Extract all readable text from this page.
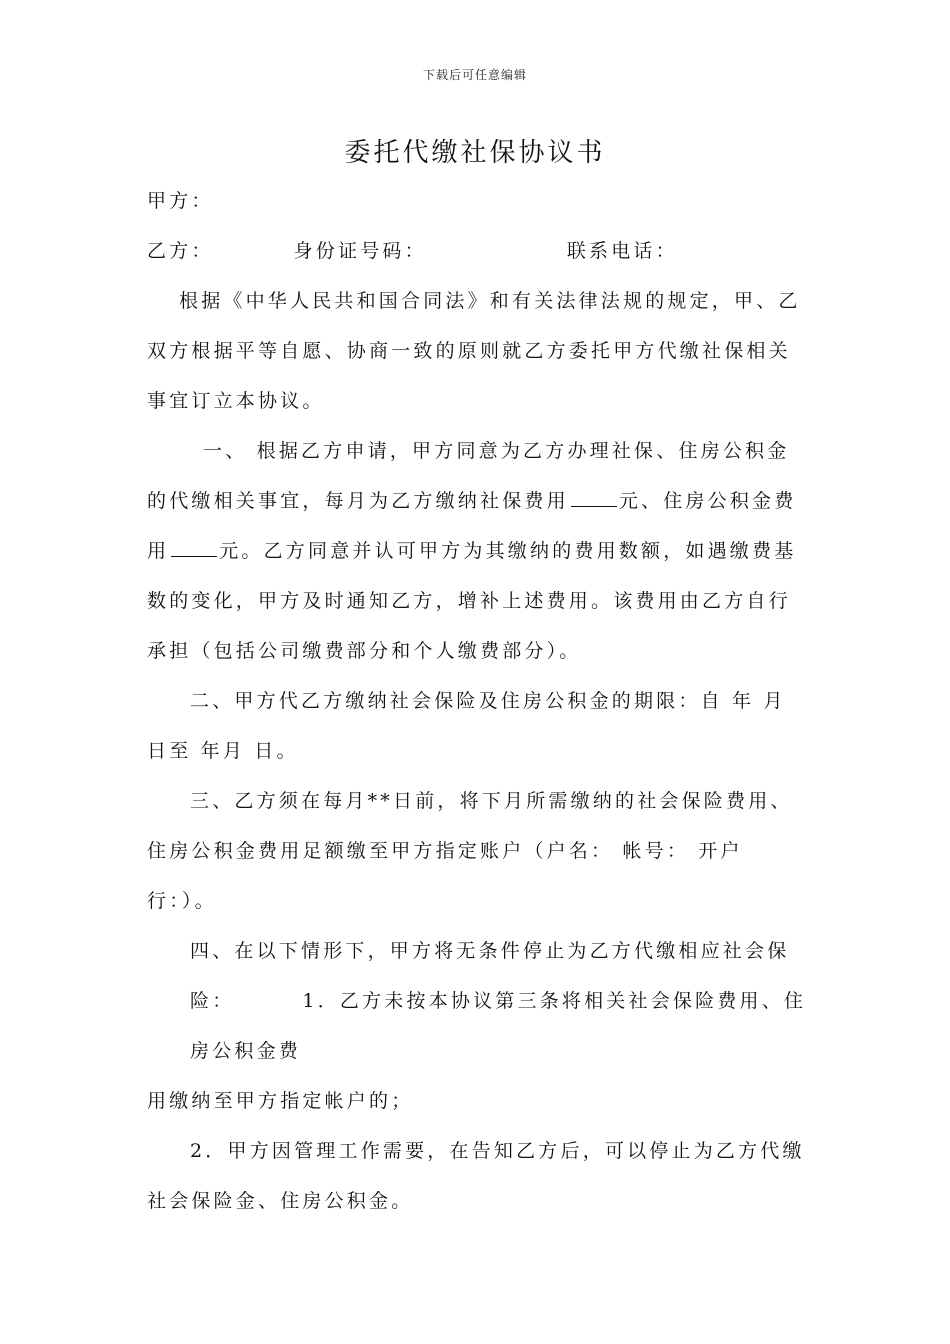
下载后可任意编辑
委托代缴社保协议书
甲方：
乙方：	身份证号码：	联系电话：
根据《中华人民共和国合同法》和有关法律法规的规定，甲、乙
双方根据平等自愿、协商一致的原则就乙方委托甲方代缴社保相关
事宜订立本协议。
一、 根据乙方申请，甲方同意为乙方办理社保、住房公积金
的代缴相关事宜，每月为乙方缴纳社保费用	元、住房公积金费
用	元。乙方同意并认可甲方为其缴纳的费用数额，如遇缴费基
数的变化，甲方及时通知乙方，增补上述费用。该费用由乙方自行
承担（包括公司缴费部分和个人缴费部分）。
二、甲方代乙方缴纳社会保险及住房公积金的期限：自 年 月
日至 年月 日。
三、乙方须在每月**日前，将下月所需缴纳的社会保险费用、
住房公积金费用足额缴至甲方指定账户（户名： 帐号： 开户
行：）。
四、在以下情形下，甲方将无条件停止为乙方代缴相应社会保
险：	1．乙方未按本协议第三条将相关社会保险费用、住
房公积金费
用缴纳至甲方指定帐户的；
2．甲方因管理工作需要，在告知乙方后，可以停止为乙方代缴
社会保险金、住房公积金。
